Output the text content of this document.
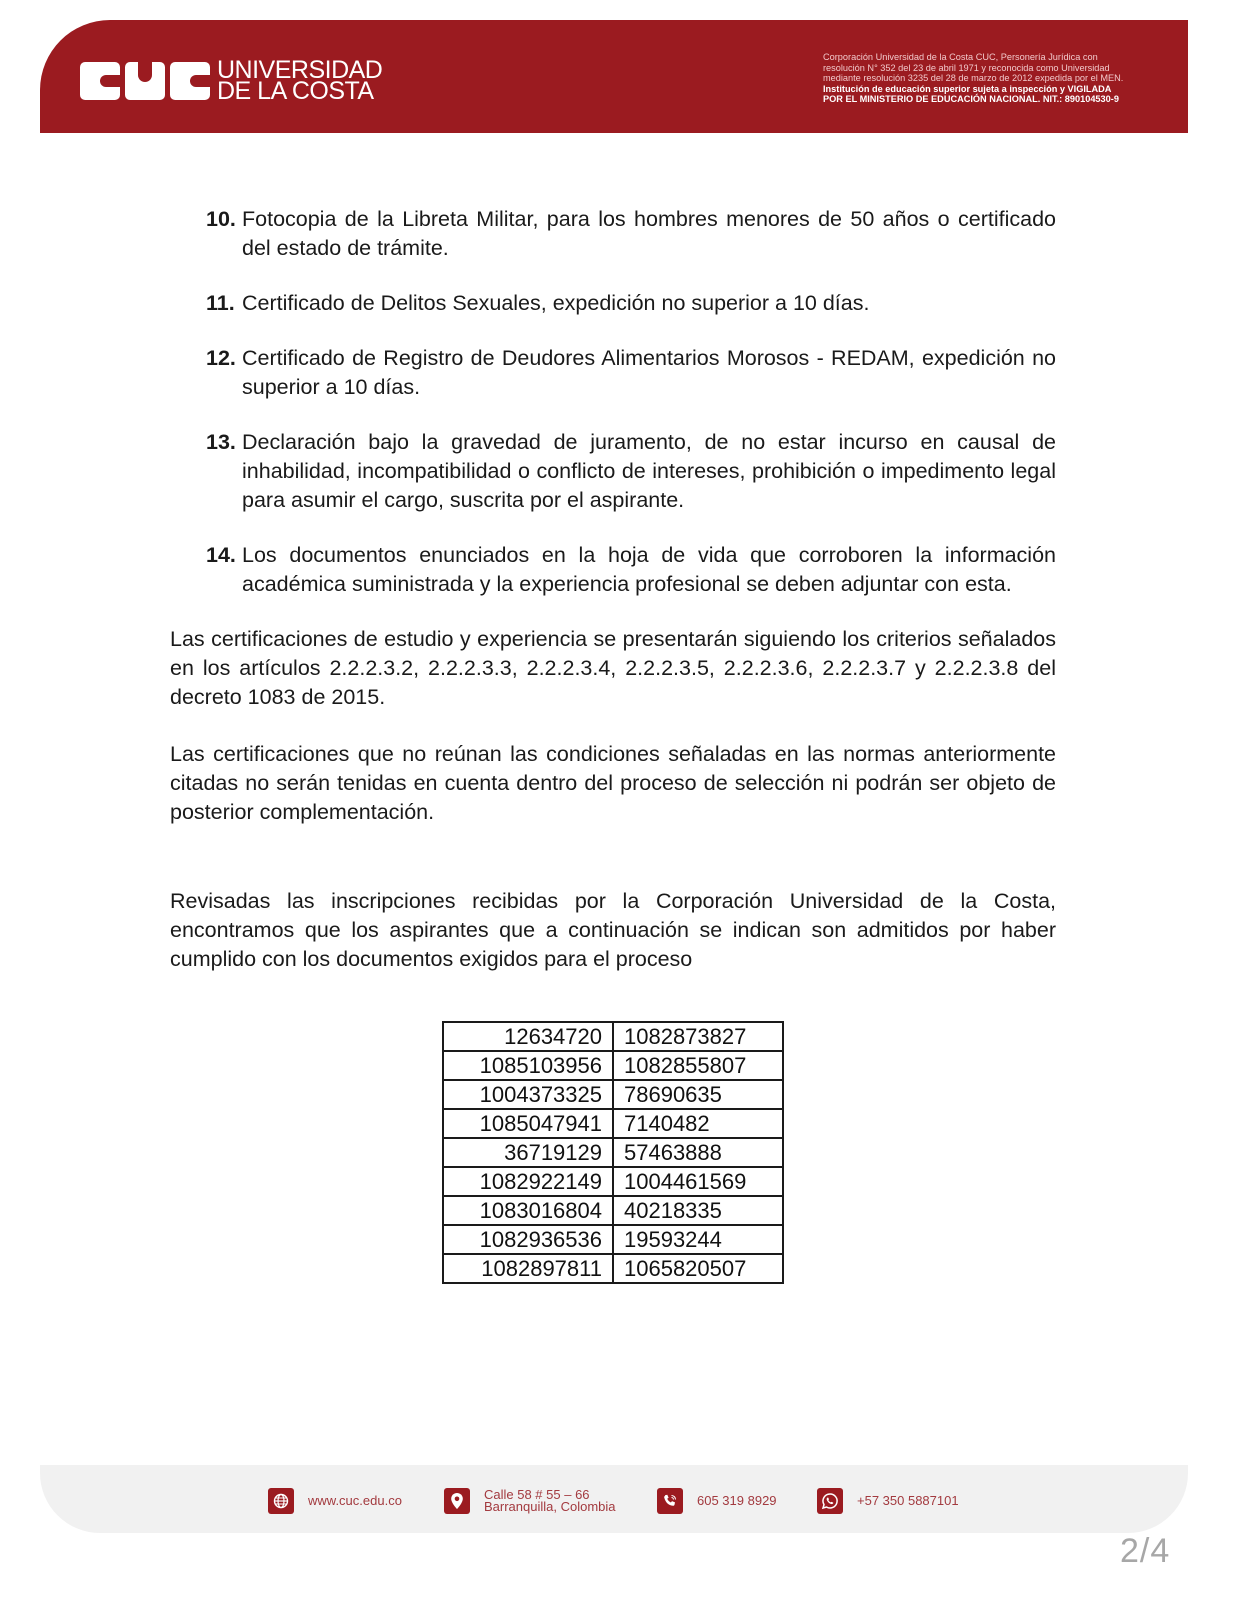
UNIVERSIDAD
DE LA COSTA
Corporación Universidad de la Costa CUC, Personería Jurídica con
resolución N° 352 del 23 de abril 1971 y reconocida como Universidad
mediante resolución 3235 del 28 de marzo de 2012 expedida por el MEN.
Institución de educación superior sujeta a inspección y VIGILADA
POR EL MINISTERIO DE EDUCACIÓN NACIONAL. NIT.: 890104530-9
10. Fotocopia de la Libreta Militar, para los hombres menores de 50 años o certificado del estado de trámite.
11. Certificado de Delitos Sexuales, expedición no superior a 10 días.
12. Certificado de Registro de Deudores Alimentarios Morosos - REDAM, expedición no superior a 10 días.
13. Declaración bajo la gravedad de juramento, de no estar incurso en causal de inhabilidad, incompatibilidad o conflicto de intereses, prohibición o impedimento legal para asumir el cargo, suscrita por el aspirante.
14. Los documentos enunciados en la hoja de vida que corroboren la información académica suministrada y la experiencia profesional se deben adjuntar con esta.

Las certificaciones de estudio y experiencia se presentarán siguiendo los criterios señalados en los artículos 2.2.2.3.2, 2.2.2.3.3, 2.2.2.3.4, 2.2.2.3.5, 2.2.2.3.6, 2.2.2.3.7 y 2.2.2.3.8 del decreto 1083 de 2015.

Las certificaciones que no reúnan las condiciones señaladas en las normas anteriormente citadas no serán tenidas en cuenta dentro del proceso de selección ni podrán ser objeto de posterior complementación.

Revisadas las inscripciones recibidas por la Corporación Universidad de la Costa, encontramos que los aspirantes que a continuación se indican son admitidos por haber cumplido con los documentos exigidos para el proceso

12634720	1082873827
1085103956	1082855807
1004373325	78690635
1085047941	7140482
36719129	57463888
1082922149	1004461569
1083016804	40218335
1082936536	19593244
1082897811	1065820507
www.cuc.edu.co	Calle 58 # 55 – 66
Barranquilla, Colombia	605 319 8929	+57 350 5887101
2/4
